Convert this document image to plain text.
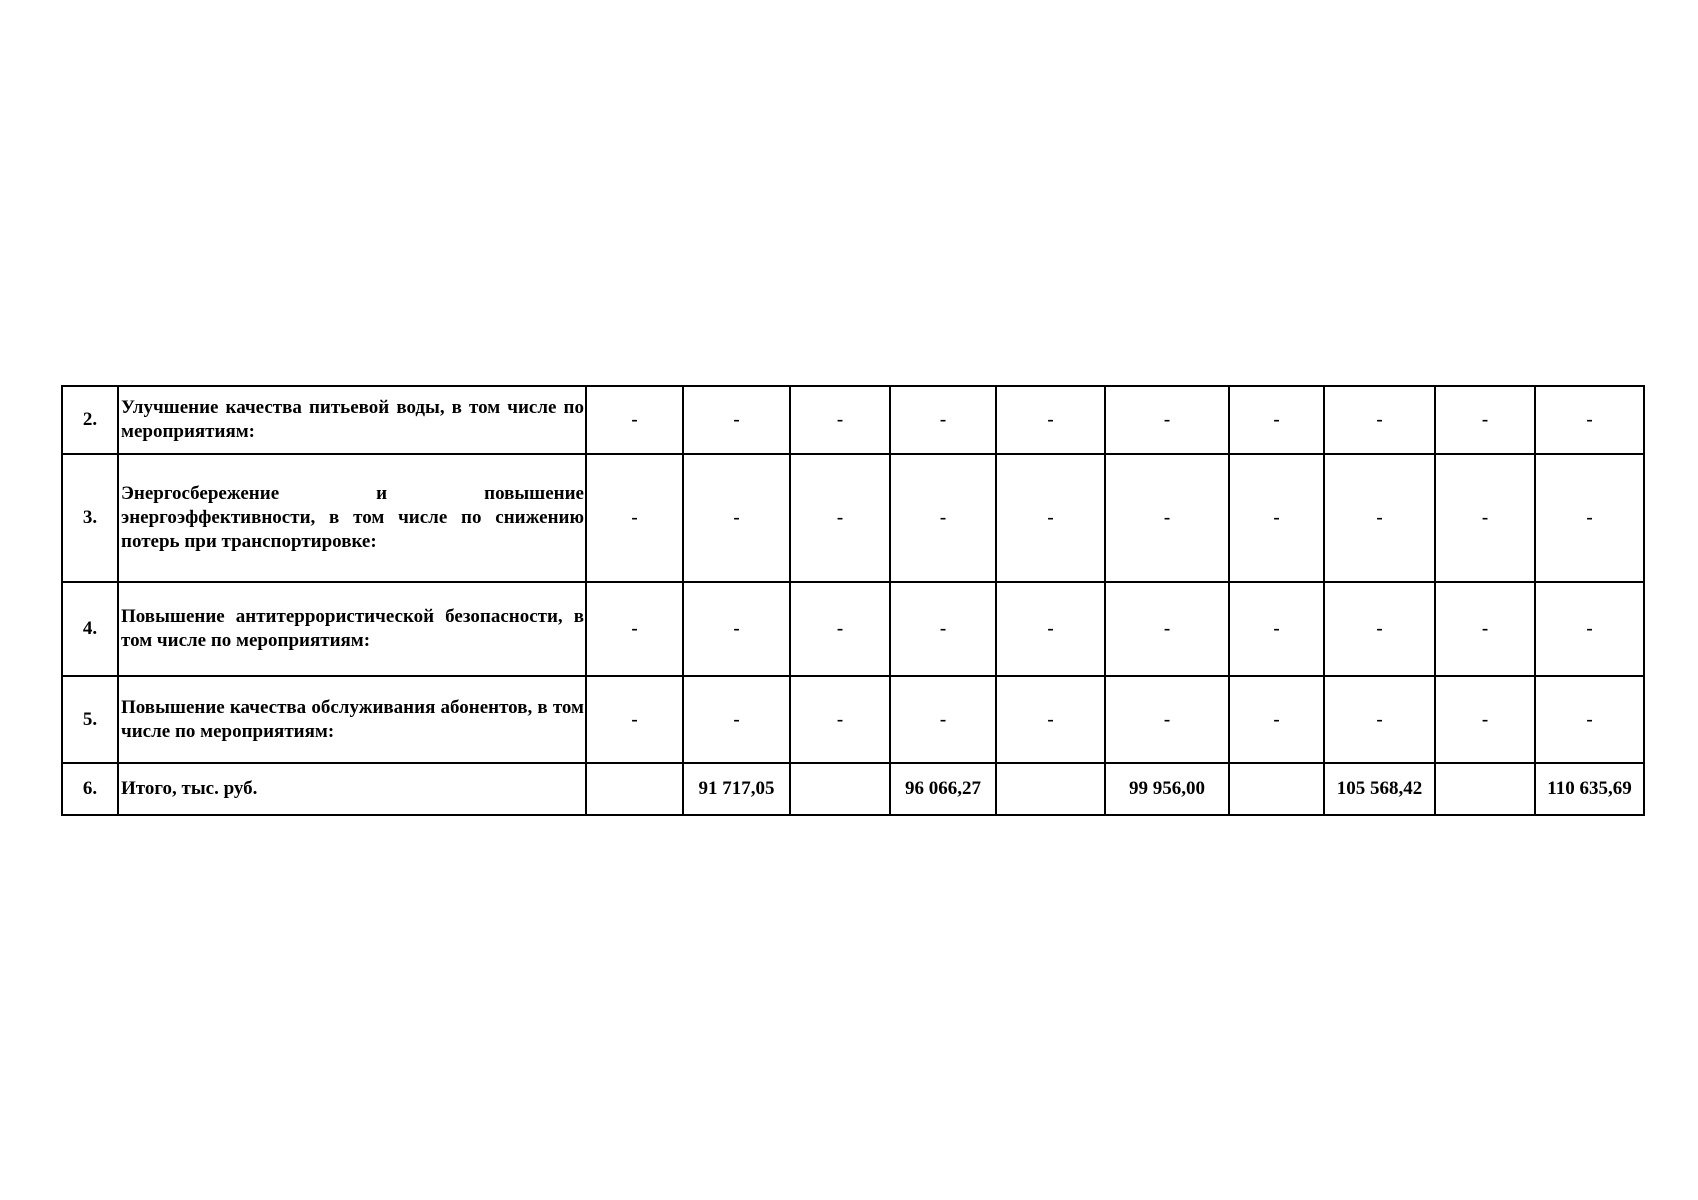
2.	Улучшение качества питьевой воды, в том числе по мероприятиям:	-	-	-	-	-	-	-	-	-	-
3.	Энергосбережение и повышение энергоэффективности, в том числе по снижению потерь при транспортировке:	-	-	-	-	-	-	-	-	-	-
4.	Повышение антитеррористической безопасности, в том числе по мероприятиям:	-	-	-	-	-	-	-	-	-	-
5.	Повышение качества обслуживания абонентов, в том числе по мероприятиям:	-	-	-	-	-	-	-	-	-	-
6.	Итого, тыс. руб.		91 717,05		96 066,27		99 956,00		105 568,42		110 635,69
